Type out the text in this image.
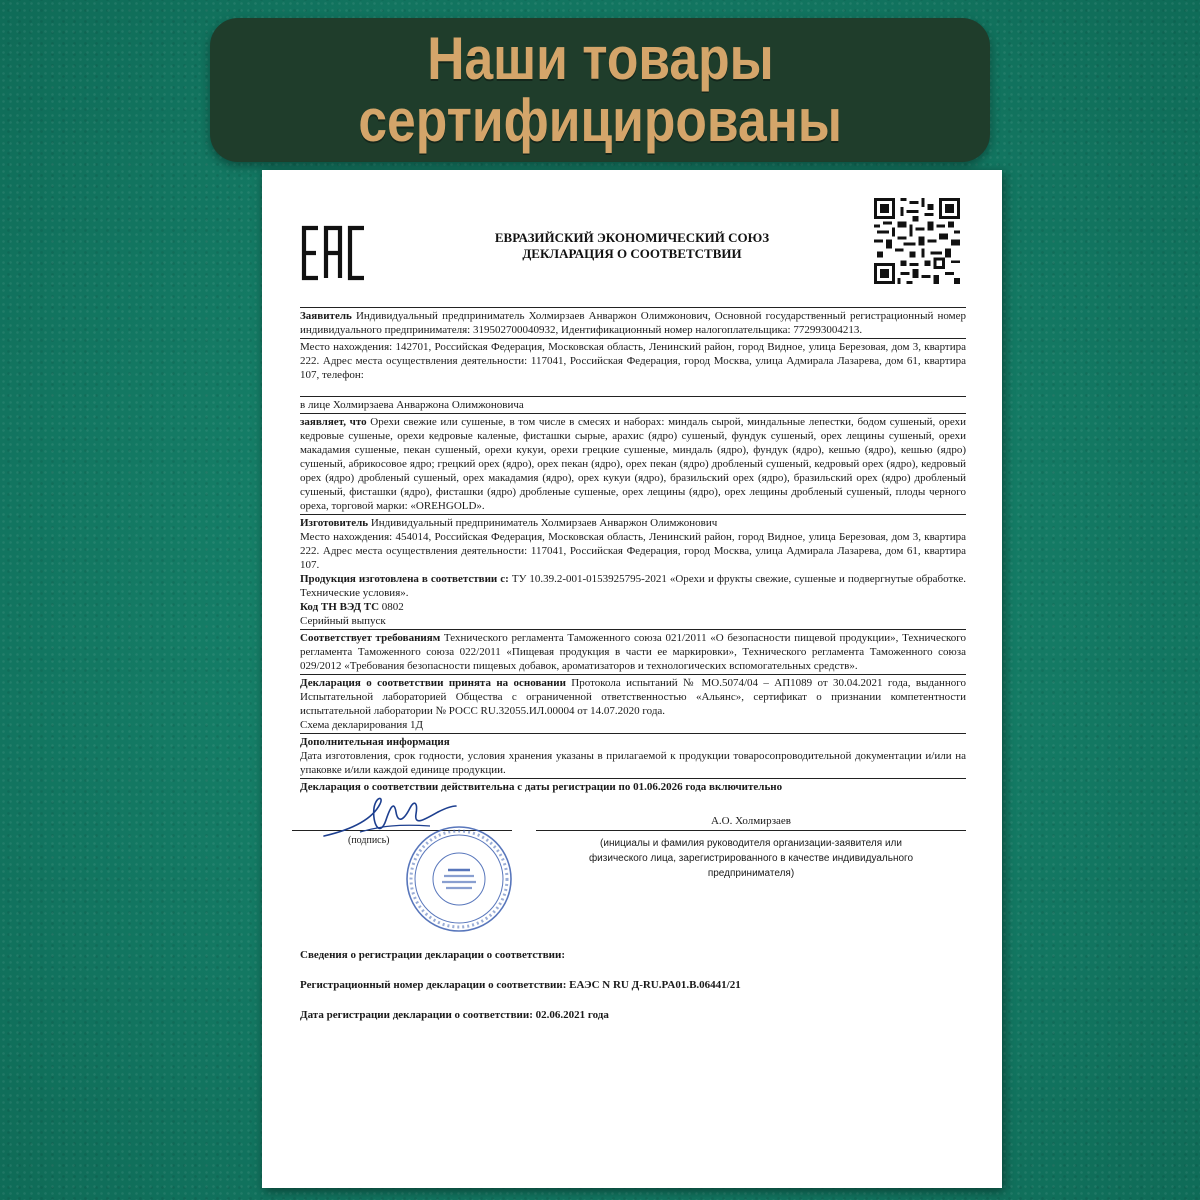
Наши товары
сертифицированы
ЕВРАЗИЙСКИЙ ЭКОНОМИЧЕСКИЙ СОЮЗ
ДЕКЛАРАЦИЯ О СООТВЕТСТВИИ

Заявитель Индивидуальный предприниматель Холмирзаев Анваржон Олимжонович, Основной государственный регистрационный номер индивидуального предпринимателя: 319502700040932, Идентификационный номер налогоплательщика: 772993004213.

Место нахождения: 142701, Российская Федерация, Московская область, Ленинский район, город Видное, улица Березовая, дом 3, квартира 222. Адрес места осуществления деятельности: 117041, Российская Федерация, город Москва, улица Адмирала Лазарева, дом 61, квартира 107, телефон:

в лице Холмирзаева Анваржона Олимжоновича

заявляет, что Орехи свежие или сушеные, в том числе в смесях и наборах: миндаль сырой, миндальные лепестки, бодом сушеный, орехи кедровые сушеные, орехи кедровые каленые, фисташки сырые, арахис (ядро) сушеный, фундук сушеный, орех лещины сушеный, орехи макадамия сушеные, пекан сушеный, орехи кукуи, орехи грецкие сушеные, миндаль (ядро), фундук (ядро), кешью (ядро), кешью (ядро) сушеный, абрикосовое ядро; грецкий орех (ядро), орех пекан (ядро), орех пекан (ядро) дробленый сушеный, кедровый орех (ядро), кедровый орех (ядро) дробленый сушеный, орех макадамия (ядро), орех кукуи (ядро), бразильский орех (ядро), бразильский орех (ядро) дробленый сушеный, фисташки (ядро), фисташки (ядро) дробленые сушеные, орех лещины (ядро), орех лещины дробленый сушеный, плоды черного ореха, торговой марки: «OREHGOLD».

Изготовитель Индивидуальный предприниматель Холмирзаев Анваржон Олимжонович

Место нахождения: 454014, Российская Федерация, Московская область, Ленинский район, город Видное, улица Березовая, дом 3, квартира 222. Адрес места осуществления деятельности: 117041, Российская Федерация, город Москва, улица Адмирала Лазарева, дом 61, квартира 107.

Продукция изготовлена в соответствии с: ТУ 10.39.2-001-0153925795-2021 «Орехи и фрукты свежие, сушеные и подвергнутые обработке. Технические условия».

Код ТН ВЭД ТС 0802

Серийный выпуск

Соответствует требованиям Технического регламента Таможенного союза 021/2011 «О безопасности пищевой продукции», Технического регламента Таможенного союза 022/2011 «Пищевая продукция в части ее маркировки», Технического регламента Таможенного союза 029/2012 «Требования безопасности пищевых добавок, ароматизаторов и технологических вспомогательных средств».

Декларация о соответствии принята на основании Протокола испытаний № МО.5074/04 – АП1089 от 30.04.2021 года, выданного Испытательной лабораторией Общества с ограниченной ответственностью «Альянс», сертификат о признании компетентности испытательной лаборатории № РОСС RU.32055.ИЛ.00004 от 14.07.2020 года.

Схема декларирования 1Д

Дополнительная информация

Дата изготовления, срок годности, условия хранения указаны в прилагаемой к продукции товаросопроводительной документации и/или на упаковке и/или каждой единице продукции.

Декларация о соответствии действительна с даты регистрации по 01.06.2026 года включительно

А.О. Холмирзаев
(подпись)	(инициалы и фамилия руководителя организации-заявителя или
физического лица, зарегистрированного в качестве индивидуального
предпринимателя)

Сведения о регистрации декларации о соответствии:

Регистрационный номер декларации о соответствии: ЕАЭС N RU Д-RU.PA01.B.06441/21

Дата регистрации декларации о соответствии: 02.06.2021 года
